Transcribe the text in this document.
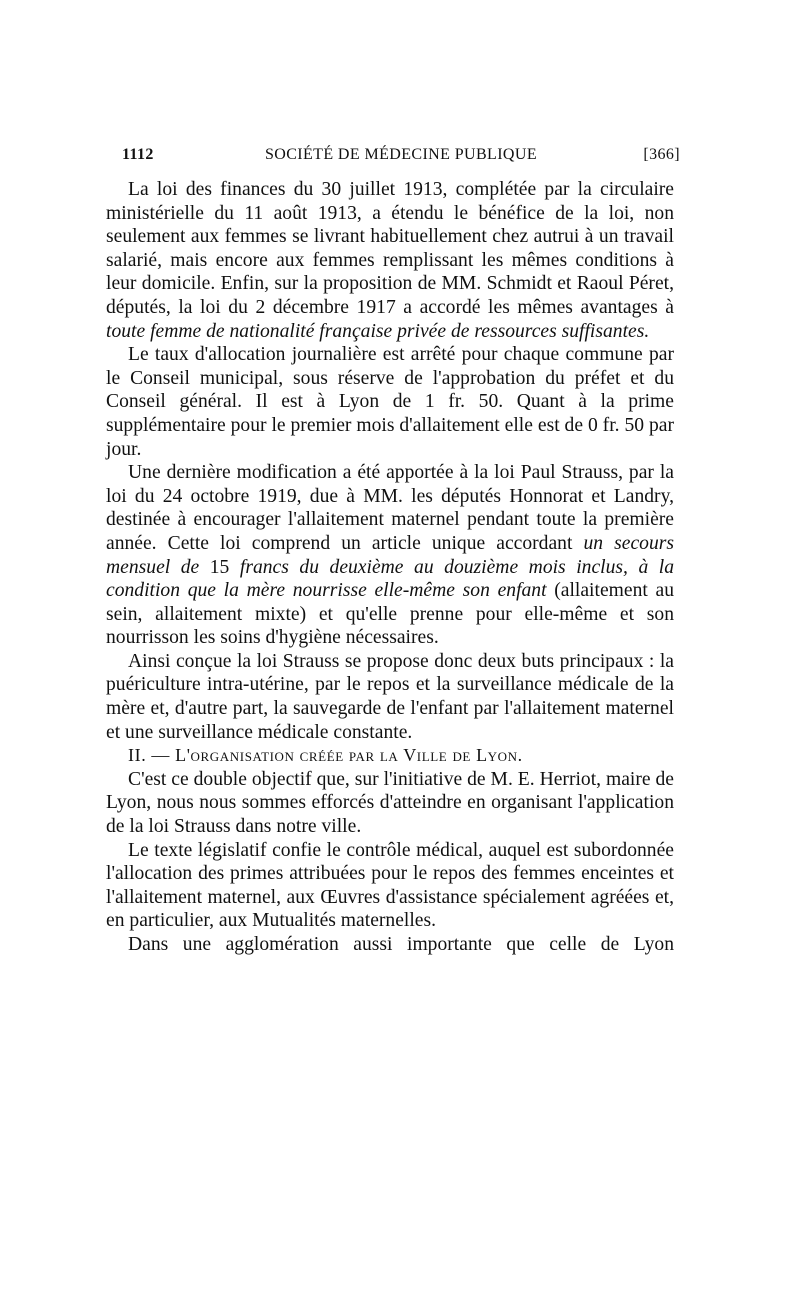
1112	SOCIÉTÉ DE MÉDECINE PUBLIQUE	[366]

La loi des finances du 30 juillet 1913, complétée par la circulaire ministérielle du 11 août 1913, a étendu le bénéfice de la loi, non seulement aux femmes se livrant habituellement chez autrui à un travail salarié, mais encore aux femmes remplissant les mêmes conditions à leur domicile. Enfin, sur la proposition de MM. Schmidt et Raoul Péret, députés, la loi du 2 décembre 1917 a accordé les mêmes avantages à toute femme de nationalité française privée de ressources suffisantes.

Le taux d'allocation journalière est arrêté pour chaque commune par le Conseil municipal, sous réserve de l'approbation du préfet et du Conseil général. Il est à Lyon de 1 fr. 50. Quant à la prime supplémentaire pour le premier mois d'allaitement elle est de 0 fr. 50 par jour.

Une dernière modification a été apportée à la loi Paul Strauss, par la loi du 24 octobre 1919, due à MM. les députés Honnorat et Landry, destinée à encourager l'allaitement maternel pendant toute la première année. Cette loi comprend un article unique accordant un secours mensuel de 15 francs du deuxième au douzième mois inclus, à la condition que la mère nourrisse elle-même son enfant (allaitement au sein, allaitement mixte) et qu'elle prenne pour elle-même et son nourrisson les soins d'hygiène nécessaires.

Ainsi conçue la loi Strauss se propose donc deux buts principaux : la puériculture intra-utérine, par le repos et la surveillance médicale de la mère et, d'autre part, la sauvegarde de l'enfant par l'allaitement maternel et une surveillance médicale constante.

II. — L'organisation créée par la Ville de Lyon.

C'est ce double objectif que, sur l'initiative de M. E. Herriot, maire de Lyon, nous nous sommes efforcés d'atteindre en organisant l'application de la loi Strauss dans notre ville.

Le texte législatif confie le contrôle médical, auquel est subordonnée l'allocation des primes attribuées pour le repos des femmes enceintes et l'allaitement maternel, aux Œuvres d'assistance spécialement agréées et, en particulier, aux Mutualités maternelles.

Dans une agglomération aussi importante que celle de Lyon
